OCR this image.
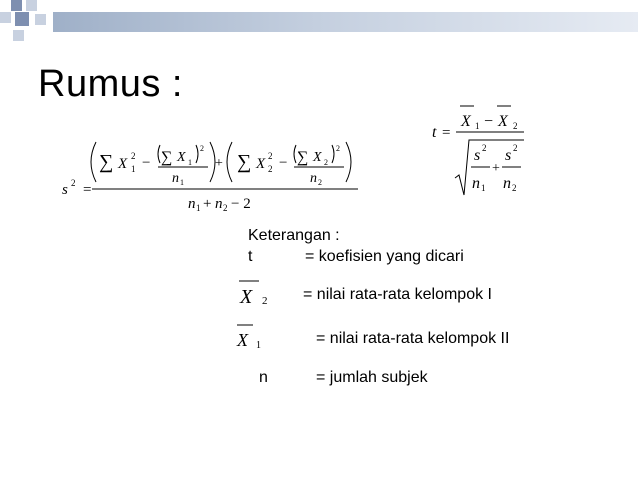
Rumus :
s 2 =
∑ X 2
1 − ∑ X 1
2
n 1
+ ∑ X 2
2 − ∑ X 2
2
n 2
n 1 + n 2 − 2
t =
X 1 − X 2
s 2
n 1
+
s 2
n 2
X 2
X 1
Keterangan :
t	= koefisien yang dicari
= nilai rata-rata kelompok I
= nilai rata-rata kelompok II
n	= jumlah subjek
